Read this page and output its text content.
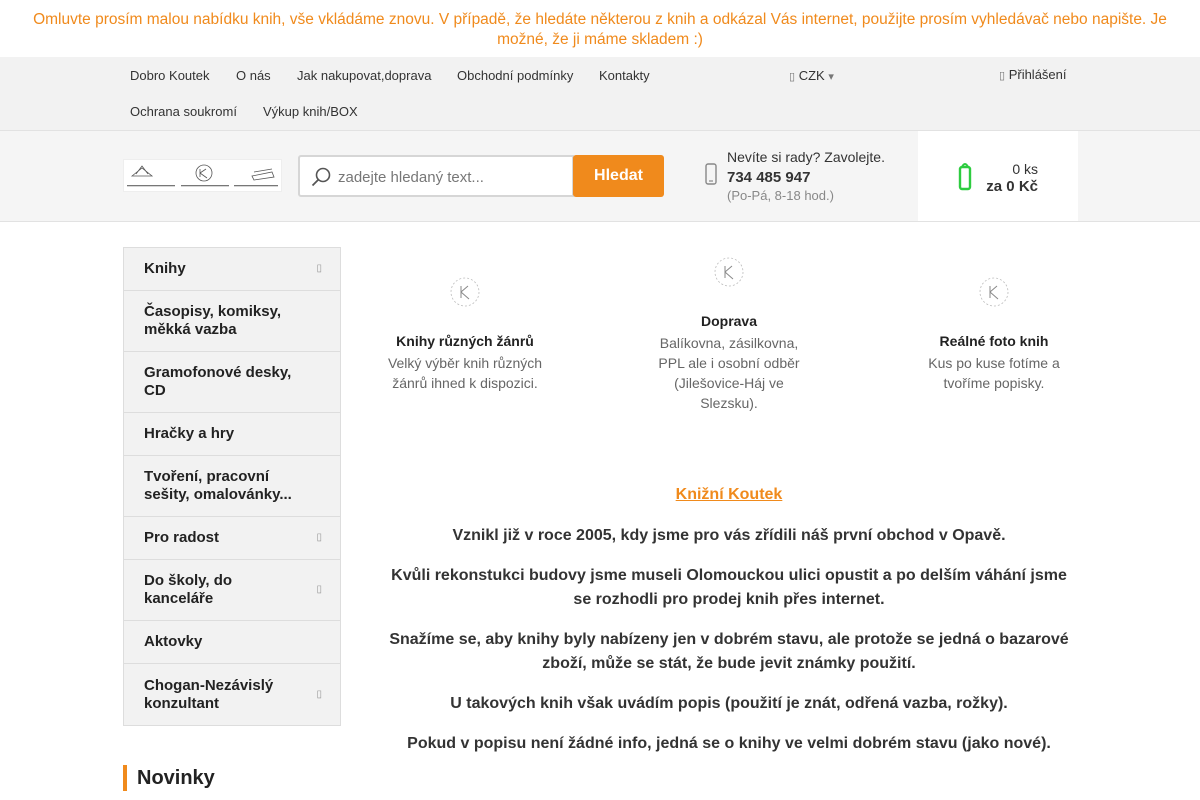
Omluvte prosím malou nabídku knih, vše vkládáme znovu. V případě, že hledáte některou z knih a odkázal Vás internet, použijte prosím vyhledávač nebo napište. Je možné, že ji máme skladem :)
Dobro Koutek O nás Jak nakupovat,doprava Obchodní podmínky Kontakty
Ochrana soukromí Výkup knih/BOX
▯ CZK ▾	▯ Přihlášení
zadejte hledaný text...
Hledat
Nevíte si rady? Zavolejte.
734 485 947
(Po-Pá, 8-18 hod.)
0 ks
za 0 Kč
Knihy	▯
Časopisy, komiksy, měkká vazba
Gramofonové desky, CD
Hračky a hry
Tvoření, pracovní sešity, omalovánky...
Pro radost	▯
Do školy, do kanceláře
▯
Aktovky
Chogan-Nezávislý konzultant
▯
Novinky
Knihy různých žánrů
Velký výběr knih různých žánrů ihned k dispozici.
Doprava
Balíkovna, zásilkovna, PPL ale i osobní odběr (Jilešovice-Háj ve Slezsku).
Reálné foto knih
Kus po kuse fotíme a tvoříme popisky.
Knižní Koutek

Vznikl již v roce 2005, kdy jsme pro vás zřídili náš první obchod v Opavě.

Kvůli rekonstukci budovy jsme museli Olomouckou ulici opustit a po delším váhání jsme se rozhodli pro prodej knih přes internet.

Snažíme se, aby knihy byly nabízeny jen v dobrém stavu, ale protože se jedná o bazarové zboží, může se stát, že bude jevit známky použití.

U takových knih však uvádím popis (použití je znát, odřená vazba, rožky).

Pokud v popisu není žádné info, jedná se o knihy ve velmi dobrém stavu (jako nové).
